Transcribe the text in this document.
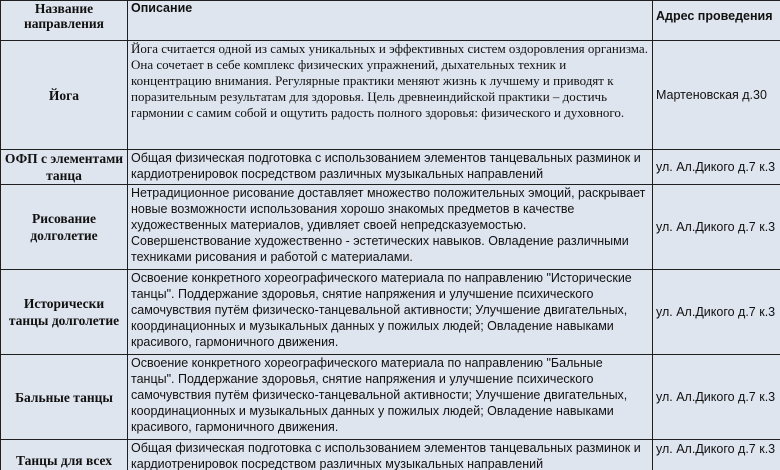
Название направления	Описание	Адрес проведения
Йога	Йога считается одной из самых уникальных и эффективных систем оздоровления организма. Она сочетает в себе комплекс физических упражнений, дыхательных техник и концентрацию внимания. Регулярные практики меняют жизнь к лучшему и приводят к поразительным результатам для здоровья. Цель древнеиндийской практики – достичь гармонии с самим собой и ощутить радость полного здоровья: физического и духовного.	Мартеновская д.30
ОФП с элементами танца	Общая физическая подготовка с использованием элементов танцевальных разминок и кардиотренировок посредством различных музыкальных направлений	ул. Ал.Дикого д.7 к.3
Рисование долголетие	Нетрадиционное рисование доставляет множество положительных эмоций, раскрывает новые возможности использования хорошо знакомых предметов в качестве художественных материалов, удивляет своей непредсказуемостью. Совершенствование художественно - эстетических навыков. Овладение различными техниками рисования и работой с материалами.	ул. Ал.Дикого д.7 к.3
Исторически танцы долголетие	Освоение конкретного хореографического материала по направлению "Исторические танцы". Поддержание здоровья, снятие напряжения и улучшение психического самочувствия путём физическо-танцевальной активности; Улучшение двигательных, координационных и музыкальных данных у пожилых людей; Овладение навыками красивого, гармоничного движения.	ул. Ал.Дикого д.7 к.3
Бальные танцы	Освоение конкретного хореографического материала по направлению "Бальные танцы". Поддержание здоровья, снятие напряжения и улучшение психического самочувствия путём физическо-танцевальной активности; Улучшение двигательных, координационных и музыкальных данных у пожилых людей; Овладение навыками красивого, гармоничного движения.	ул. Ал.Дикого д.7 к.3
Танцы для всех	Общая физическая подготовка с использованием элементов танцевальных разминок и кардиотренировок посредством различных музыкальных направлений	ул. Ал.Дикого д.7 к.3
